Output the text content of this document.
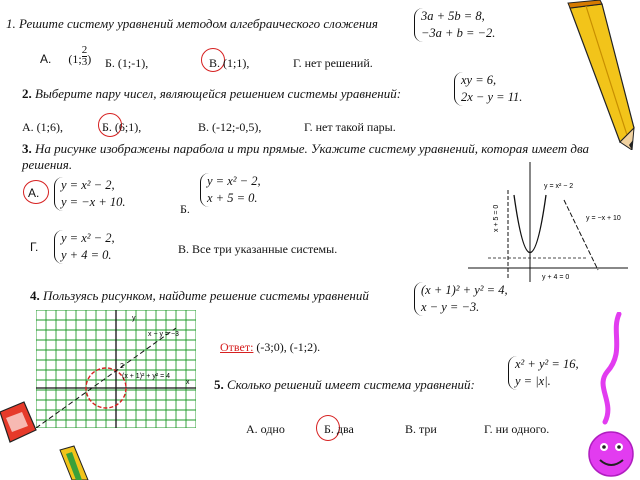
1. Решите систему уравнений методом алгебраического сложения	3a + 5b = 8,
−3a + b = −2.
А. (1; $\frac{2}{3}$ ) Б. (1;-1),	В. (1;1),	Г. нет решений.
2. Выберите пару чисел, являющейся решением системы уравнений:
xy = 6,
2x − y = 11.
А. (1;6),	Б. (6;1),	В. (-12;-0,5),	Г. нет такой пары.
3. На рисунке изображены парабола и три прямые. Укажите систему уравнений, которая имеет два решения.
А.
y = x² − 2,
y = −x + 10.
y = x² − 2,
x + 5 = 0.
Б.
Г.
y = x² − 2,
y + 4 = 0.	В. Все три указанные системы.
y = x² − 2
x + 5 = 0	y = −x + 10
y + 4 = 0
4. Пользуясь рисунком, найдите решение системы уравнений	(x + 1)² + y² = 4,
x − y = −3.
y
x
2
x − y = −3
(x + 1)² + y² = 4
Ответ: (-3;0), (-1;2).
5. Сколько решений имеет система уравнений:
x² + y² = 16,
y = |x|.
А. одно	Б. два	В. три	Г. ни одного.
